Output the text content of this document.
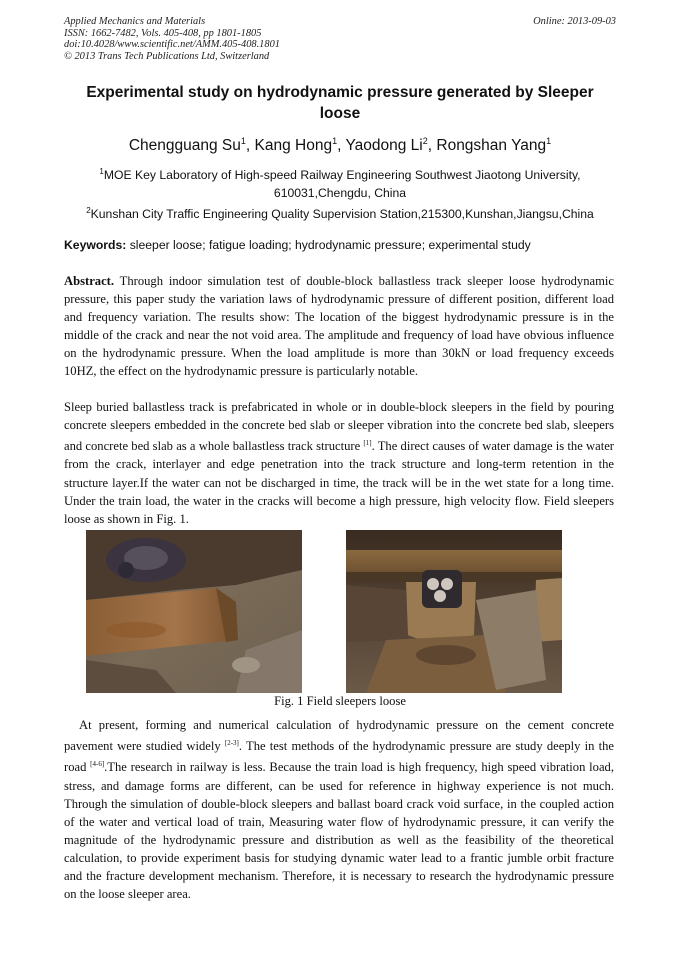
Applied Mechanics and Materials
ISSN: 1662-7482, Vols. 405-408, pp 1801-1805
doi:10.4028/www.scientific.net/AMM.405-408.1801
© 2013 Trans Tech Publications Ltd, Switzerland
Online: 2013-09-03
Experimental study on hydrodynamic pressure generated by Sleeper loose
Chengguang Su$^1$, Kang Hong$^1$, Yaodong Li$^2$, Rongshan Yang$^1$
$^1$MOE Key Laboratory of High-speed Railway Engineering Southwest Jiaotong University, 610031,Chengdu, China
$^2$Kunshan City Traffic Engineering Quality Supervision Station,215300,Kunshan,Jiangsu,China
Keywords: sleeper loose; fatigue loading; hydrodynamic pressure; experimental study
Abstract. Through indoor simulation test of double-block ballastless track sleeper loose hydrodynamic pressure, this paper study the variation laws of hydrodynamic pressure of different position, different load and frequency variation. The results show: The location of the biggest hydrodynamic pressure is in the middle of the crack and near the not void area. The amplitude and frequency of load have obvious influence on the hydrodynamic pressure. When the load amplitude is more than 30kN or load frequency exceeds 10HZ, the effect on the hydrodynamic pressure is particularly notable.
Sleep buried ballastless track is prefabricated in whole or in double-block sleepers in the field by pouring concrete sleepers embedded in the concrete bed slab or sleeper vibration into the concrete bed slab, sleepers and concrete bed slab as a whole ballastless track structure [1]. The direct causes of water damage is the water from the crack, interlayer and edge penetration into the track structure and long-term retention in the structure layer.If the water can not be discharged in time, the track will be in the wet state for a long time. Under the train load, the water in the cracks will become a high pressure, high velocity flow. Field sleepers loose as shown in Fig. 1.
Fig. 1 Field sleepers loose
At present, forming and numerical calculation of hydrodynamic pressure on the cement concrete pavement were studied widely [2-3]. The test methods of the hydrodynamic pressure are study deeply in the road [4-6].The research in railway is less. Because the train load is high frequency, high speed vibration load, stress, and damage forms are different, can be used for reference in highway experience is not much. Through the simulation of double-block sleepers and ballast board crack void surface, in the coupled action of the water and vertical load of train, Measuring water flow of hydrodynamic pressure, it can verify the magnitude of the hydrodynamic pressure and distribution as well as the feasibility of the theoretical calculation, to provide experiment basis for studying dynamic water lead to a frantic jumble orbit fracture and the fracture development mechanism. Therefore, it is necessary to research the hydrodynamic pressure on the loose sleeper area.
